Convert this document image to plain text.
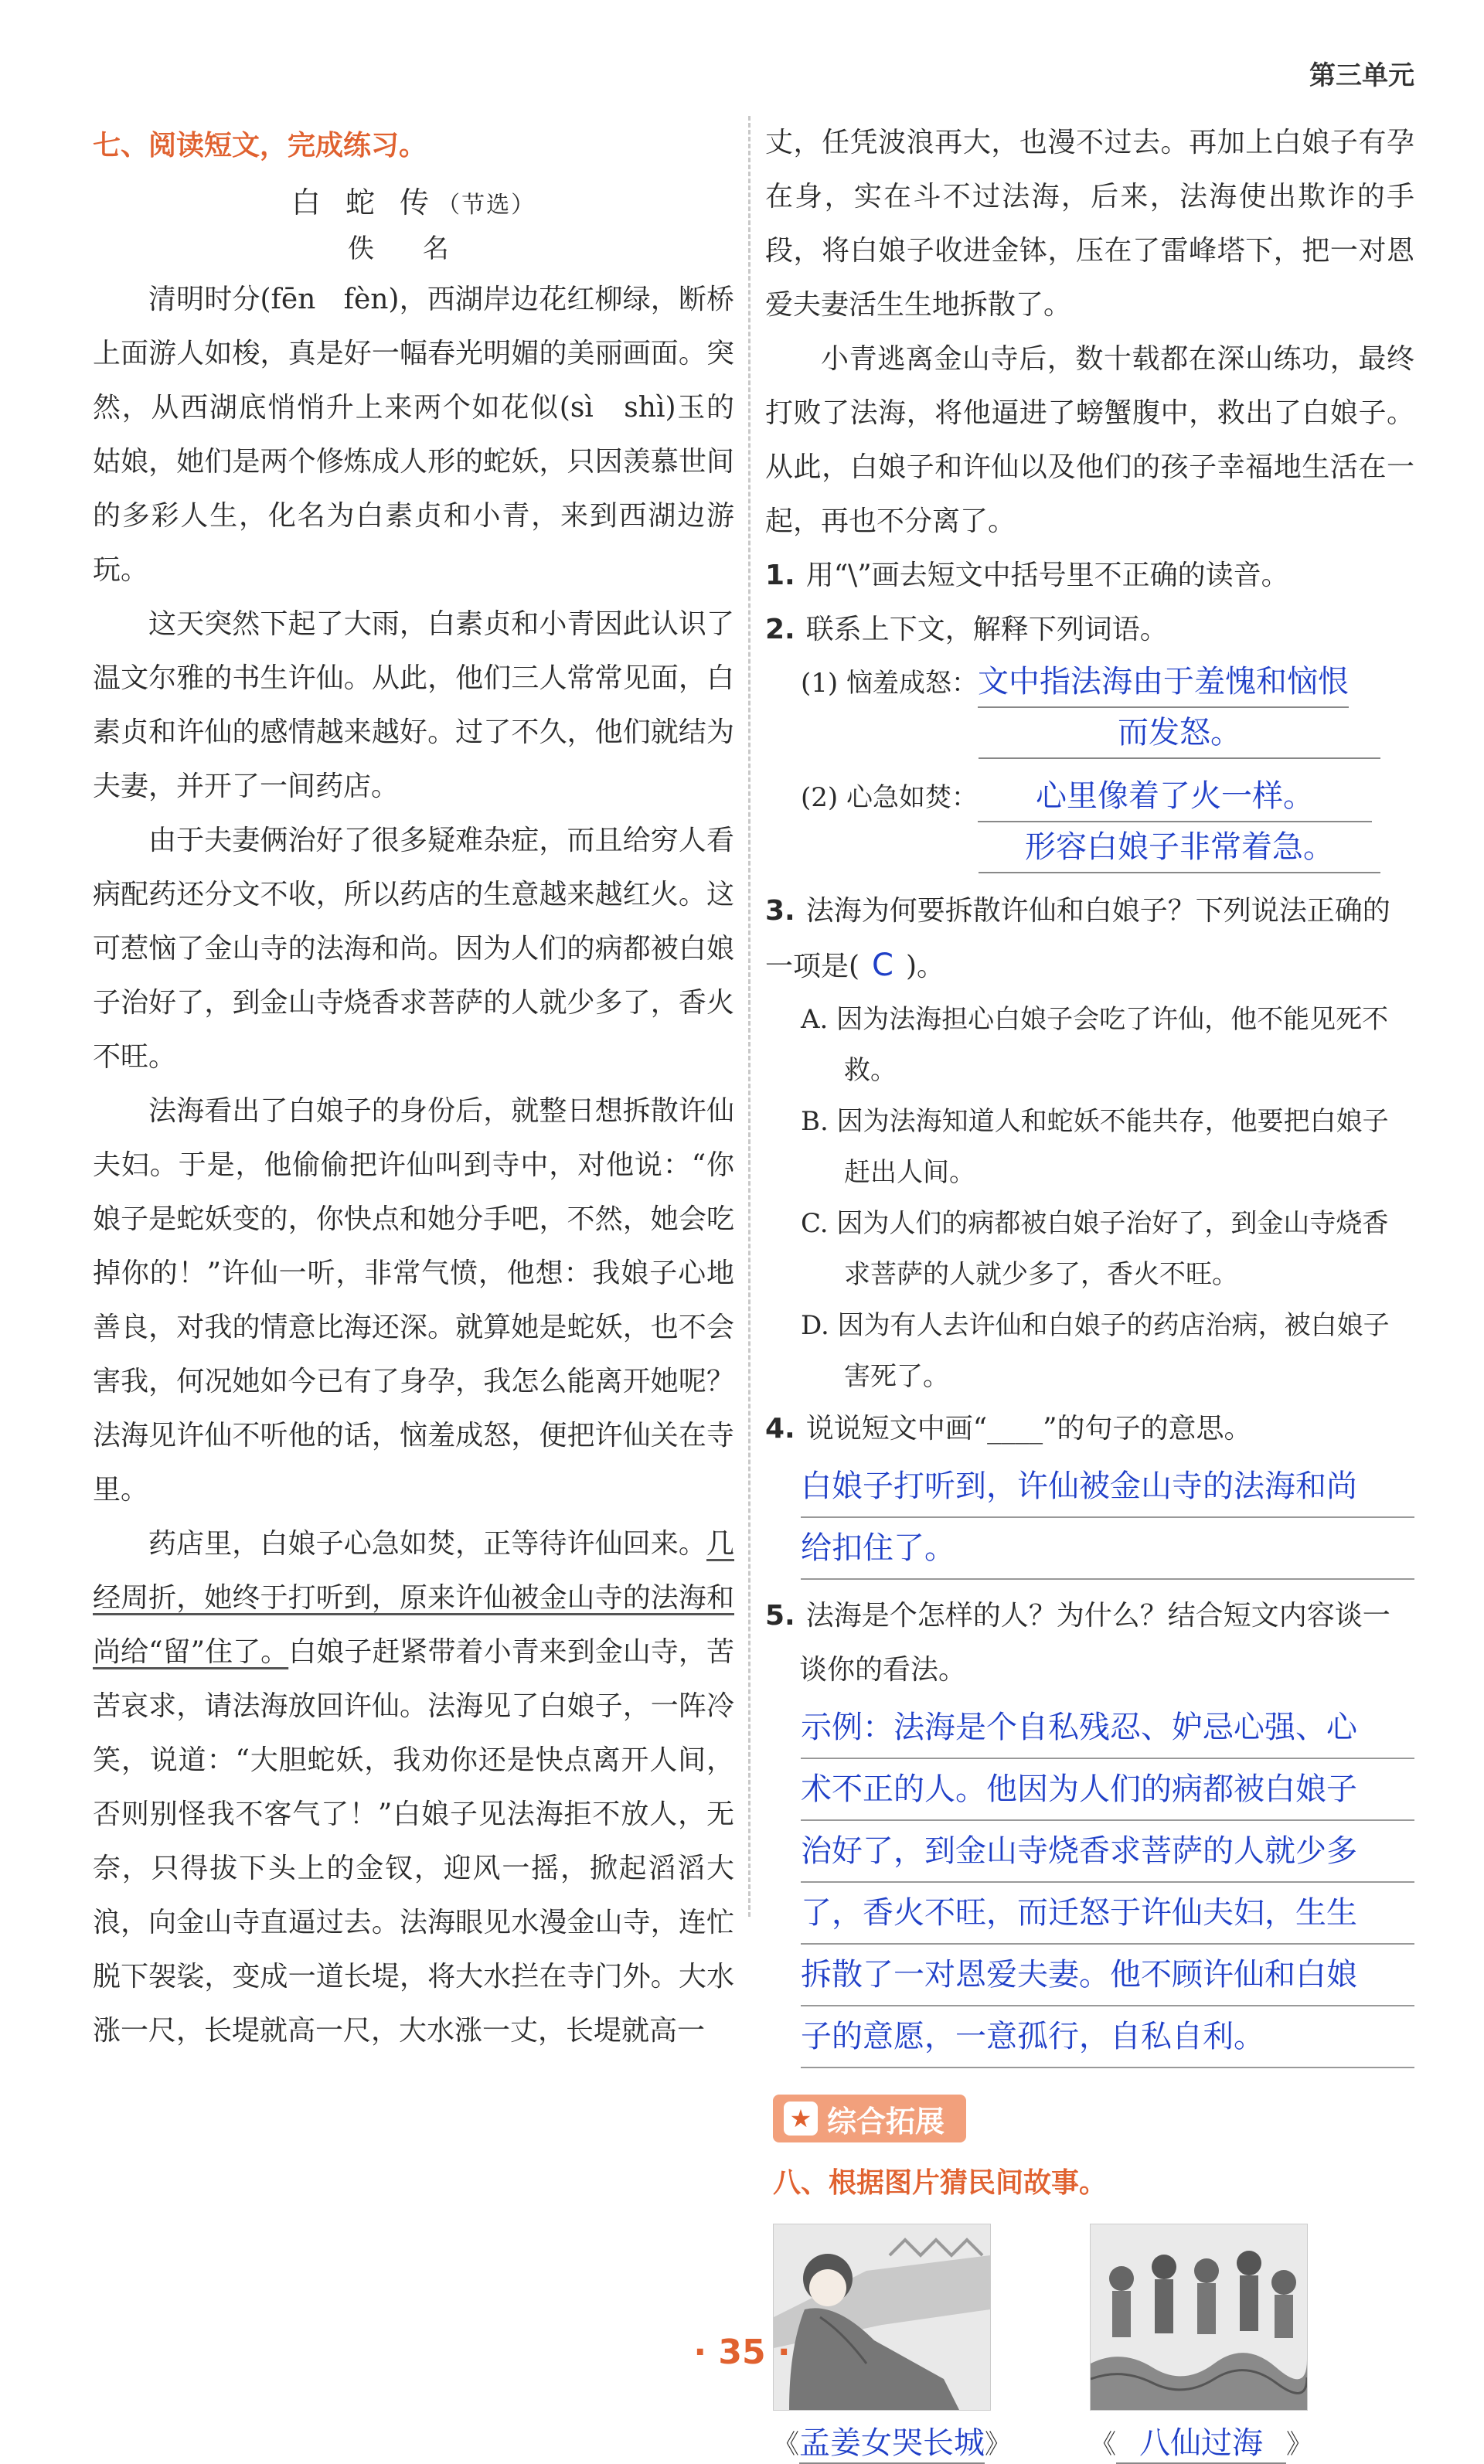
第三单元
七、阅读短文，完成练习。
白 蛇 传（节选）
佚 名

清明时分(fēn　fèn)，西湖岸边花红柳绿，断桥上面游人如梭，真是好一幅春光明媚的美丽画面。突然，从西湖底悄悄升上来两个如花似(sì　shì)玉的姑娘，她们是两个修炼成人形的蛇妖，只因羡慕世间的多彩人生，化名为白素贞和小青，来到西湖边游玩。

这天突然下起了大雨，白素贞和小青因此认识了温文尔雅的书生许仙。从此，他们三人常常见面，白素贞和许仙的感情越来越好。过了不久，他们就结为夫妻，并开了一间药店。

由于夫妻俩治好了很多疑难杂症，而且给穷人看病配药还分文不收，所以药店的生意越来越红火。这可惹恼了金山寺的法海和尚。因为人们的病都被白娘子治好了，到金山寺烧香求菩萨的人就少多了，香火不旺。

法海看出了白娘子的身份后，就整日想拆散许仙夫妇。于是，他偷偷把许仙叫到寺中，对他说：“你娘子是蛇妖变的，你快点和她分手吧，不然，她会吃掉你的！”许仙一听，非常气愤，他想：我娘子心地善良，对我的情意比海还深。就算她是蛇妖，也不会害我，何况她如今已有了身孕，我怎么能离开她呢？法海见许仙不听他的话，恼羞成怒，便把许仙关在寺里。

药店里，白娘子心急如焚，正等待许仙回来。几经周折，她终于打听到，原来许仙被金山寺的法海和尚给“留”住了。白娘子赶紧带着小青来到金山寺，苦苦哀求，请法海放回许仙。法海见了白娘子，一阵冷笑，说道：“大胆蛇妖，我劝你还是快点离开人间，否则别怪我不客气了！”白娘子见法海拒不放人，无奈，只得拔下头上的金钗，迎风一摇，掀起滔滔大浪，向金山寺直逼过去。法海眼见水漫金山寺，连忙脱下袈裟，变成一道长堤，将大水拦在寺门外。大水涨一尺，长堤就高一尺，大水涨一丈，长堤就高一

丈，任凭波浪再大，也漫不过去。再加上白娘子有孕在身，实在斗不过法海，后来，法海使出欺诈的手段，将白娘子收进金钵，压在了雷峰塔下，把一对恩爱夫妻活生生地拆散了。

小青逃离金山寺后，数十载都在深山练功，最终打败了法海，将他逼进了螃蟹腹中，救出了白娘子。从此，白娘子和许仙以及他们的孩子幸福地生活在一起，再也不分离了。

1. 用“\”画去短文中括号里不正确的读音。

2. 联系上下文，解释下列词语。

(1) 恼羞成怒：文中指法海由于羞愧和恼恨

而发怒。

(2) 心急如焚： 心里像着了火一样。

形容白娘子非常着急。

3. 法海为何要拆散许仙和白娘子？下列说法正确的一项是( C )。

A. 因为法海担心白娘子会吃了许仙，他不能见死不救。

B. 因为法海知道人和蛇妖不能共存，他要把白娘子赶出人间。

C. 因为人们的病都被白娘子治好了，到金山寺烧香求菩萨的人就少多了，香火不旺。

D. 因为有人去许仙和白娘子的药店治病，被白娘子害死了。

4. 说说短文中画“____”的句子的意思。

白娘子打听到，许仙被金山寺的法海和尚
给扣住了。

5. 法海是个怎样的人？为什么？结合短文内容谈一谈你的看法。

示例：法海是个自私残忍、妒忌心强、心
术不正的人。他因为人们的病都被白娘子
治好了，到金山寺烧香求菩萨的人就少多
了，香火不旺，而迁怒于许仙夫妇，生生
拆散了一对恩爱夫妻。他不顾许仙和白娘
子的意愿，一意孤行，自私自利。
★ 综合拓展
八、根据图片猜民间故事。
《孟姜女哭长城》	《 八仙过海 》
· 35 ·
